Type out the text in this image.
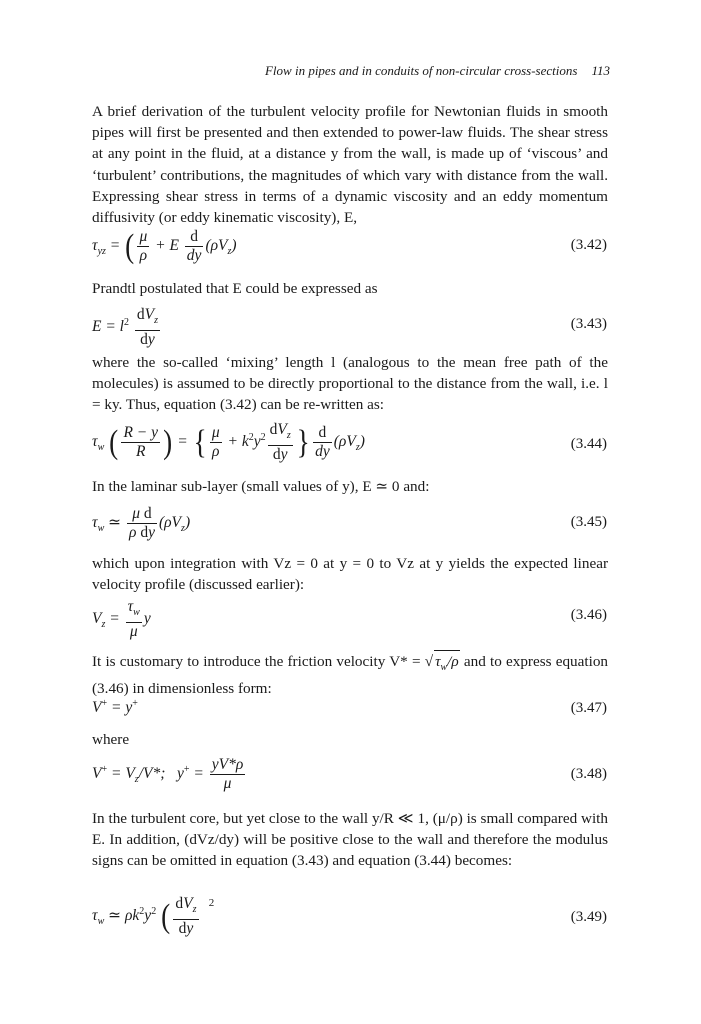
Flow in pipes and in conduits of non-circular cross-sections 113
A brief derivation of the turbulent velocity profile for Newtonian fluids in smooth pipes will first be presented and then extended to power-law fluids. The shear stress at any point in the fluid, at a distance y from the wall, is made up of ‘viscous’ and ‘turbulent’ contributions, the magnitudes of which vary with distance from the wall. Expressing shear stress in terms of a dynamic viscosity and an eddy momentum diffusivity (or eddy kinematic viscosity), E,
$\tau_{yz}$ = ( $\frac{\mu}{\rho} + E \frac{d}{dy} (\rho V_z)$	(3.42)
Prandtl postulated that E could be expressed as
$E = l^2 \frac{dV_z}{dy}$	(3.43)
where the so-called ‘mixing’ length l (analogous to the mean free path of the molecules) is assumed to be directly proportional to the distance from the wall, i.e. l = ky. Thus, equation (3.42) can be re-written as:
$\tau_w$ ( $\frac{R - y}{R}$ ) = { $\frac{\mu}{\rho} + k^2y^2 \frac{dV_z}{dy}$ } $\frac{d}{dy} (\rho V_z)$	(3.44)
In the laminar sub-layer (small values of y), E ≃ 0 and:
$\tau_w$ ≃ $\frac{\text{μ d}}{\text{ρ dy}} (\rho V_z)$	(3.45)
which upon integration with Vz = 0 at y = 0 to Vz at y yields the expected linear velocity profile (discussed earlier):
$V_z = \frac{\tau_w}{\mu}$ y	(3.46)
It is customary to introduce the friction velocity V* = √ $\tau_w/\rho$ and to express equation (3.46) in dimensionless form:
V+ = y+	(3.47)
where
$V^+ = V_z/V*$;   $y^+ = \frac{yV*\rho}{\mu}$	(3.48)
In the turbulent core, but yet close to the wall y/R ≪ 1, (μ/ρ) is small compared with E. In addition, (dVz/dy) will be positive close to the wall and therefore the modulus signs can be omitted in equation (3.43) and equation (3.44) becomes:
$\tau_w$ ≃ $\rho k^2y^2$ ( $\frac{dV_z}{dy} ^2$
(3.49)
